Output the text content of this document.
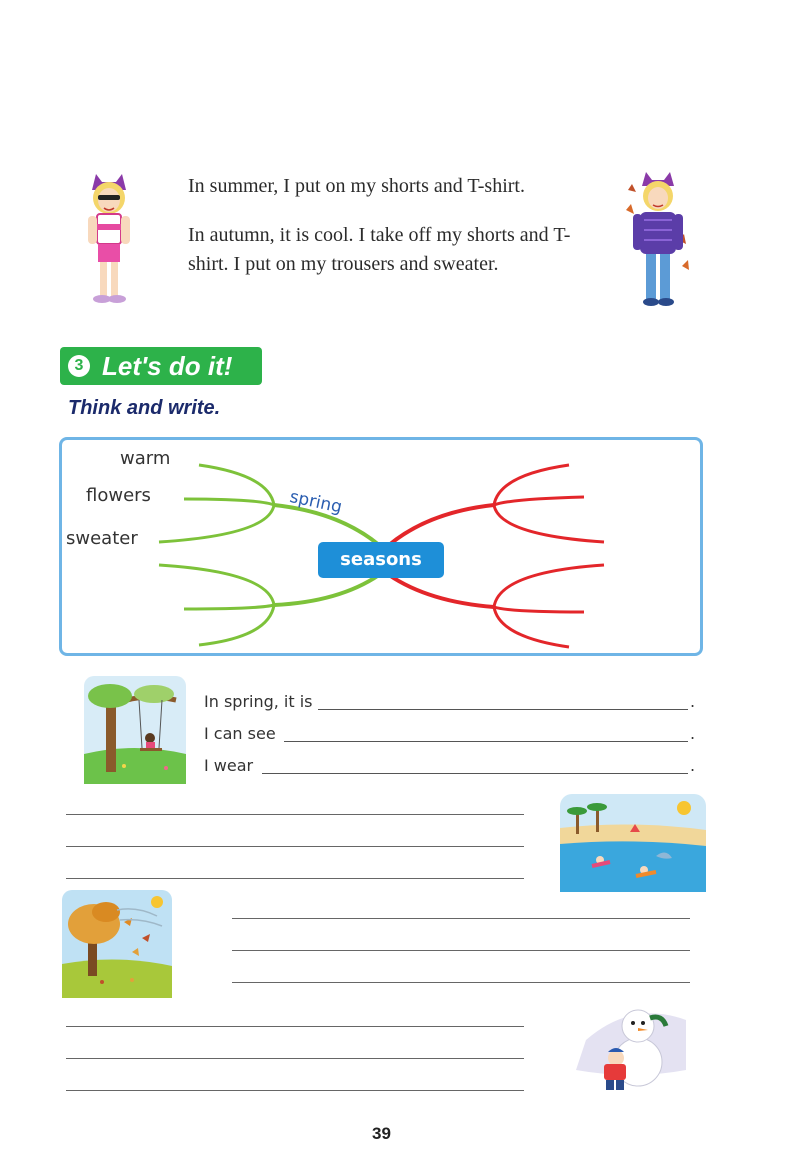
In summer, I put on my shorts and T-shirt.

In autumn, it is cool. I take off my shorts and T-shirt. I put on my trousers and sweater.

3 Let's do it!
Think and write.
warm
flowers
sweater
spring
seasons
In spring, it is	.
I can see	.
I wear	.
39
